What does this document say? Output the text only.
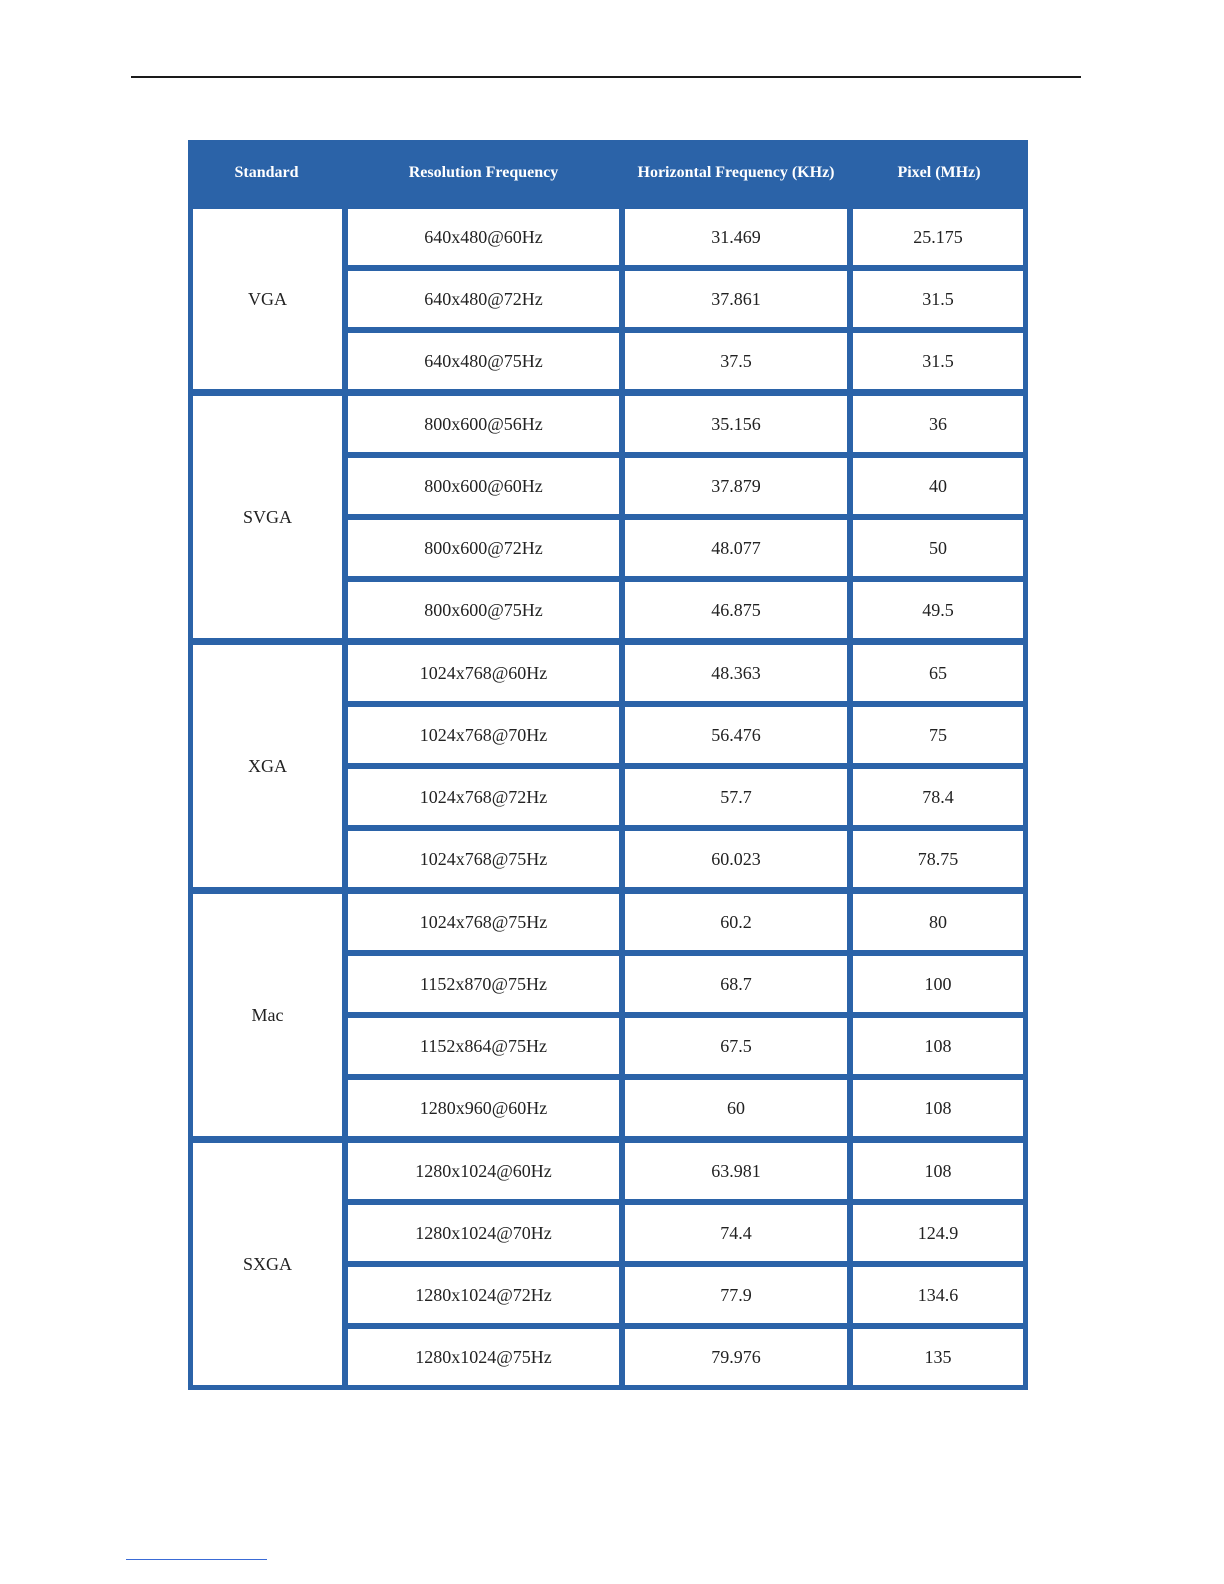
Standard	Resolution Frequency	Horizontal Frequency (KHz)	Pixel (MHz)
VGA	640x480@60Hz	31.469	25.175
	640x480@72Hz	37.861	31.5
	640x480@75Hz	37.5	31.5
SVGA	800x600@56Hz	35.156	36
	800x600@60Hz	37.879	40
	800x600@72Hz	48.077	50
	800x600@75Hz	46.875	49.5
XGA	1024x768@60Hz	48.363	65
	1024x768@70Hz	56.476	75
	1024x768@72Hz	57.7	78.4
	1024x768@75Hz	60.023	78.75
Mac	1024x768@75Hz	60.2	80
	1152x870@75Hz	68.7	100
	1152x864@75Hz	67.5	108
	1280x960@60Hz	60	108
SXGA	1280x1024@60Hz	63.981	108
	1280x1024@70Hz	74.4	124.9
	1280x1024@72Hz	77.9	134.6
	1280x1024@75Hz	79.976	135
